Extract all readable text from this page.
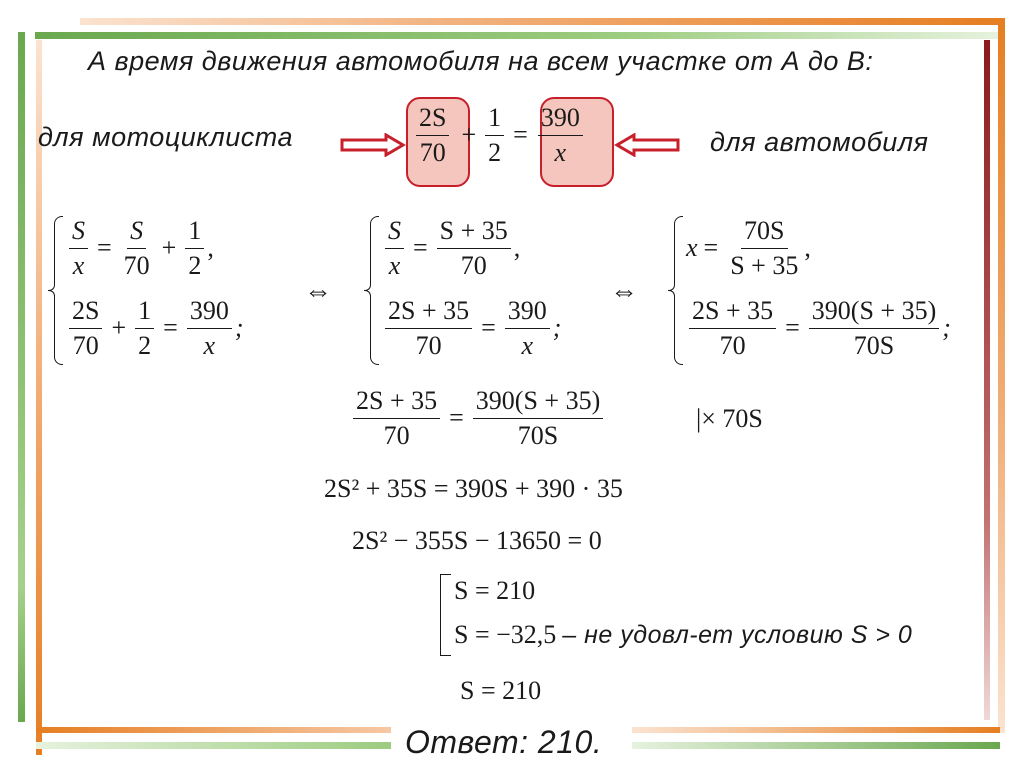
А время движения автомобиля на всем участке от А до В:
для мотоциклиста	для автомобиля
$\frac{2S}{70} + \frac{1}{2} = \frac{390}{x}$
$\frac{S}{x} = \frac{S}{70} + \frac{1}{2}$ ,
$\frac{2S}{70} + \frac{1}{2} = \frac{390}{x}$ ;
⇔	⇔
$\frac{S}{x} = \frac{S + 35}{70}$ ,
$\frac{2S + 35}{70} = \frac{390}{x}$ ;
$x = \frac{70S}{S + 35}$ ,
$\frac{2S + 35}{70} = \frac{390(S + 35)}{70S}$ ;
$\frac{2S + 35}{70} = \frac{390(S + 35)}{70S}$	|× 70S
2S² + 35S = 390S + 390 · 35
2S² − 355S − 13650 = 0
S = 210
S = −32,5 – не удовл-ет условию S > 0
S = 210
Ответ: 210.
